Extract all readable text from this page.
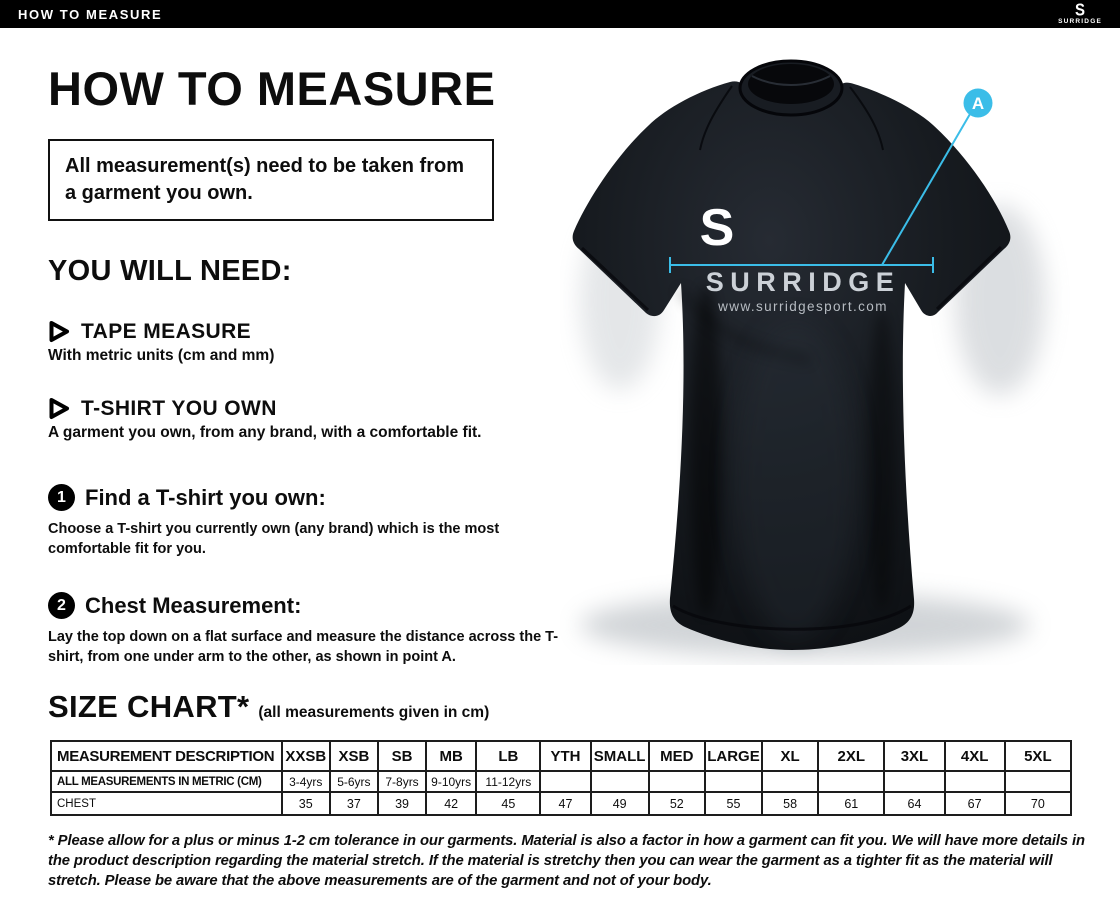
HOW TO MEASURE	S
SURRIDGE
S
SURRIDGE
www.surridgesport.com
A
HOW TO MEASURE
All measurement(s) need to be taken from a garment you own.
YOU WILL NEED:
TAPE MEASURE
With metric units (cm and mm)
T-SHIRT YOU OWN
A garment you own, from any brand, with a comfortable fit.
1 Find a T-shirt you own:
Choose a T-shirt you currently own (any brand) which is the most comfortable fit for you.
2 Chest Measurement:
Lay the top down on a flat surface and measure the distance across the T-shirt, from one under arm to the other, as shown in point A.
SIZE CHART* (all measurements given in cm)
MEASUREMENT DESCRIPTION	XXSB	XSB	SB	MB	LB	YTH	SMALL	MED	LARGE	XL	2XL	3XL	4XL	5XL
ALL MEASUREMENTS IN METRIC (CM)	3-4yrs	5-6yrs	7-8yrs	9-10yrs	11-12yrs									
CHEST	35	37	39	42	45	47	49	52	55	58	61	64	67	70

* Please allow for a plus or minus 1-2 cm tolerance in our garments. Material is also a factor in how a garment can fit you. We will have more details in the product description regarding the material stretch. If the material is stretchy then you can wear the garment as a tighter fit as the material will stretch. Please be aware that the above measurements are of the garment and not of your body.
